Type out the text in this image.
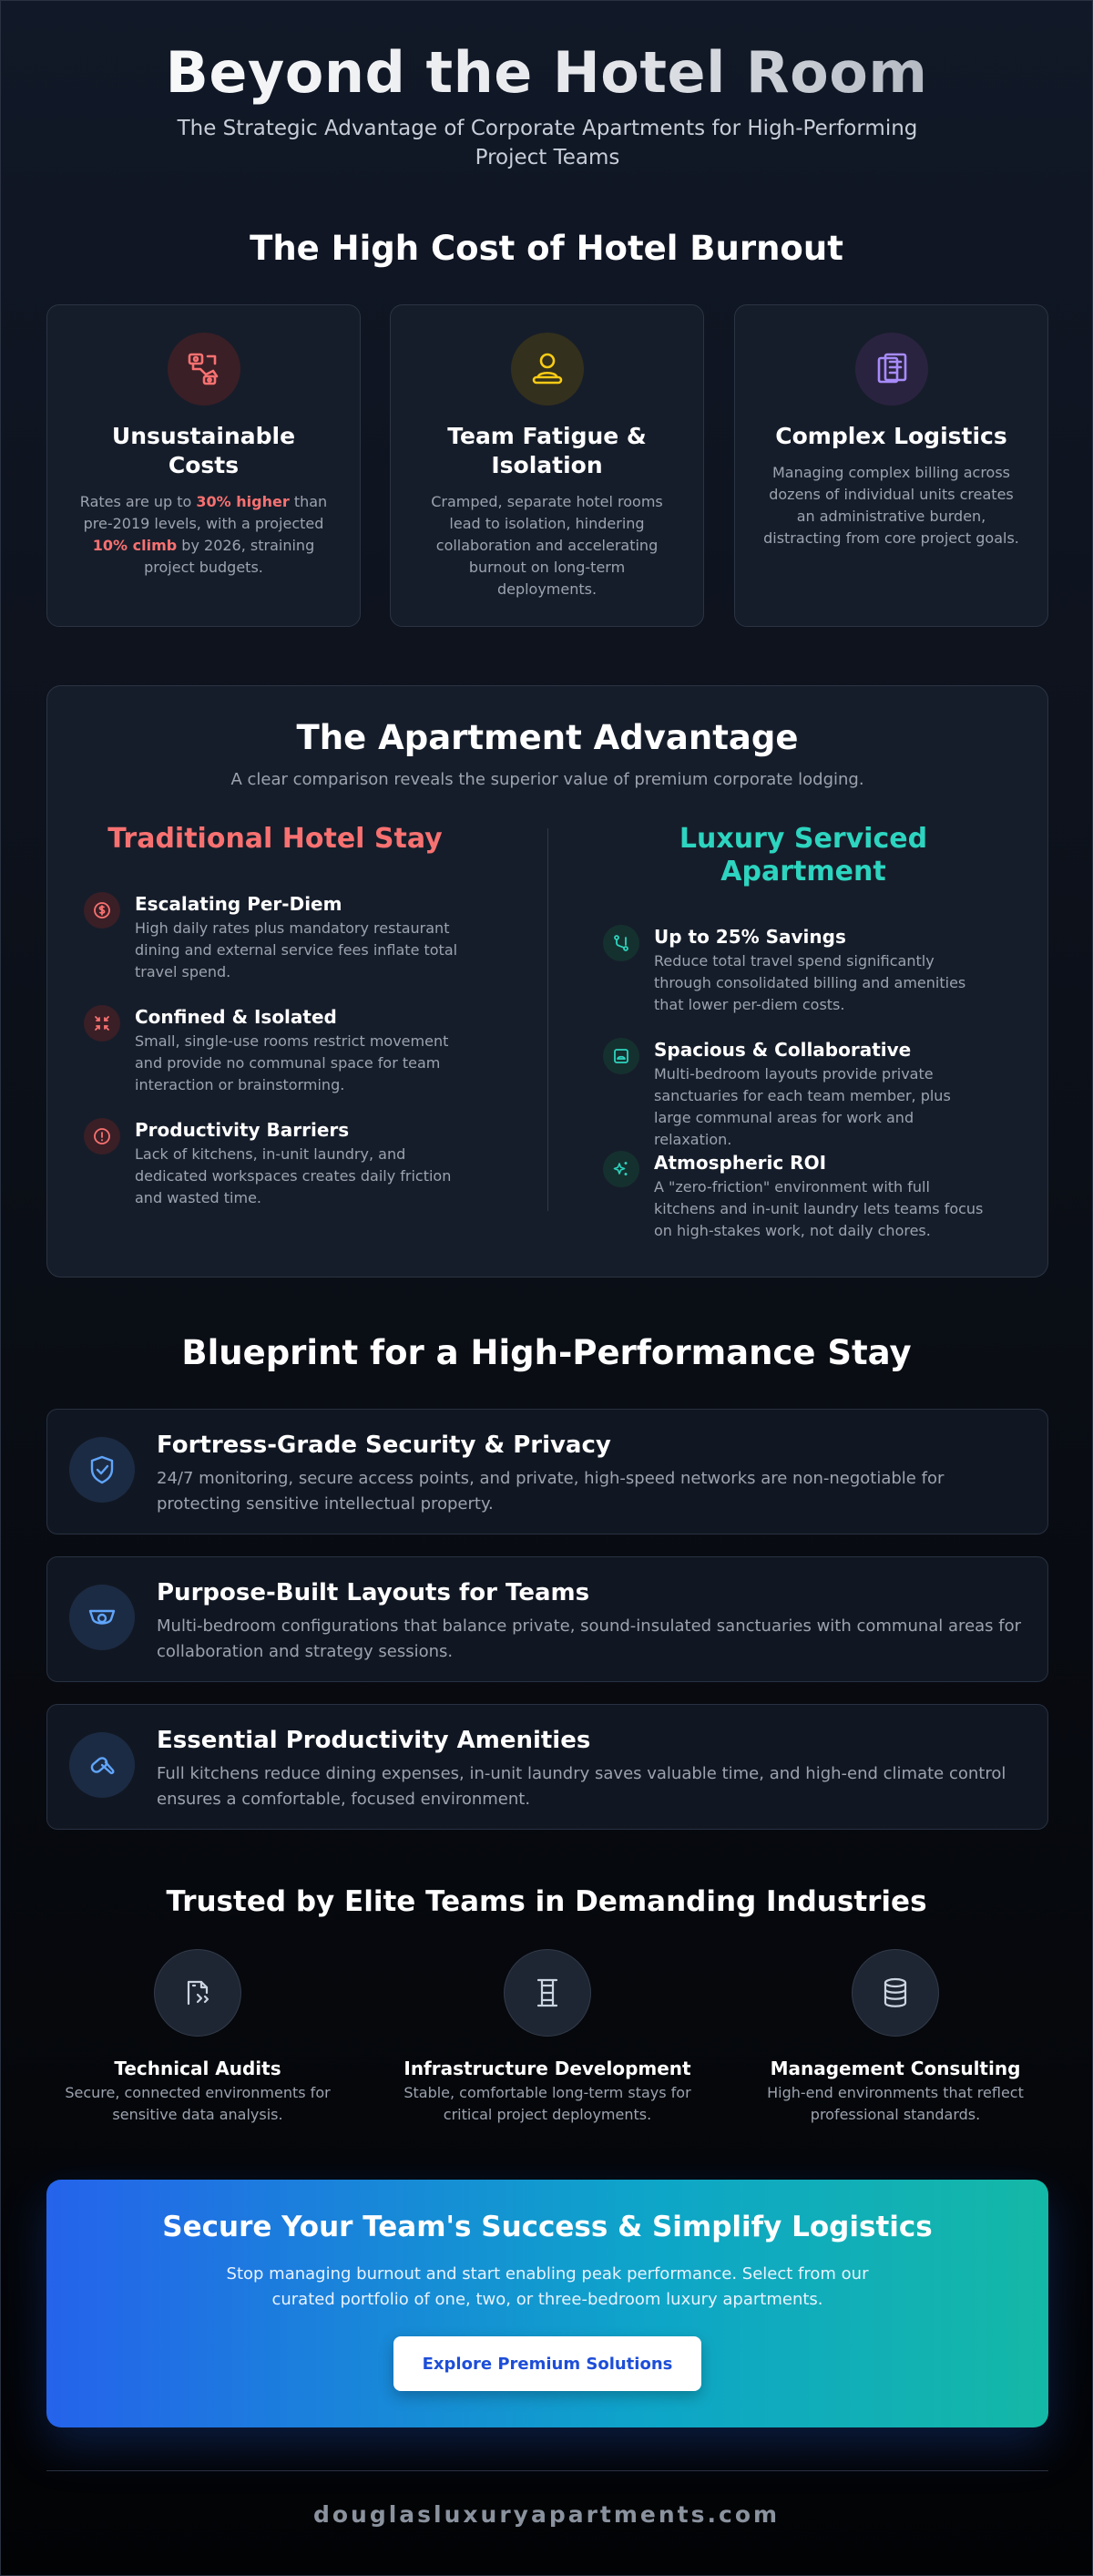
Beyond the Hotel Room

The Strategic Advantage of Corporate Apartments for High-Performing Project Teams

The High Cost of Hotel Burnout
Unsustainable Costs

Rates are up to 30% higher than pre-2019 levels, with a projected 10% climb by 2026, straining project budgets.

Team Fatigue & Isolation

Cramped, separate hotel rooms lead to isolation, hindering collaboration and accelerating burnout on long-term deployments.

Complex Logistics

Managing complex billing across dozens of individual units creates an administrative burden, distracting from core project goals.

The Apartment Advantage

A clear comparison reveals the superior value of premium corporate lodging.

Traditional Hotel Stay	Luxury Serviced Apartment
Escalating Per-Diem

High daily rates plus mandatory restaurant dining and external service fees inflate total travel spend.

Confined & Isolated

Small, single-use rooms restrict movement and provide no communal space for team interaction or brainstorming.

Productivity Barriers

Lack of kitchens, in-unit laundry, and dedicated workspaces creates daily friction and wasted time.

Up to 25% Savings

Reduce total travel spend significantly through consolidated billing and amenities that lower per-diem costs.

Spacious & Collaborative

Multi-bedroom layouts provide private sanctuaries for each team member, plus large communal areas for work and relaxation.

Atmospheric ROI

A "zero-friction" environment with full kitchens and in-unit laundry lets teams focus on high-stakes work, not daily chores.

Blueprint for a High-Performance Stay
Fortress-Grade Security & Privacy

24/7 monitoring, secure access points, and private, high-speed networks are non-negotiable for protecting sensitive intellectual property.

Purpose-Built Layouts for Teams

Multi-bedroom configurations that balance private, sound-insulated sanctuaries with communal areas for collaboration and strategy sessions.

Essential Productivity Amenities

Full kitchens reduce dining expenses, in-unit laundry saves valuable time, and high-end climate control ensures a comfortable, focused environment.

Trusted by Elite Teams in Demanding Industries
Technical Audits

Secure, connected environments for sensitive data analysis.

Infrastructure Development

Stable, comfortable long-term stays for critical project deployments.

Management Consulting

High-end environments that reflect professional standards.

Secure Your Team's Success & Simplify Logistics

Stop managing burnout and start enabling peak performance. Select from our curated portfolio of one, two, or three-bedroom luxury apartments.

Explore Premium Solutions
douglasluxuryapartments.com
